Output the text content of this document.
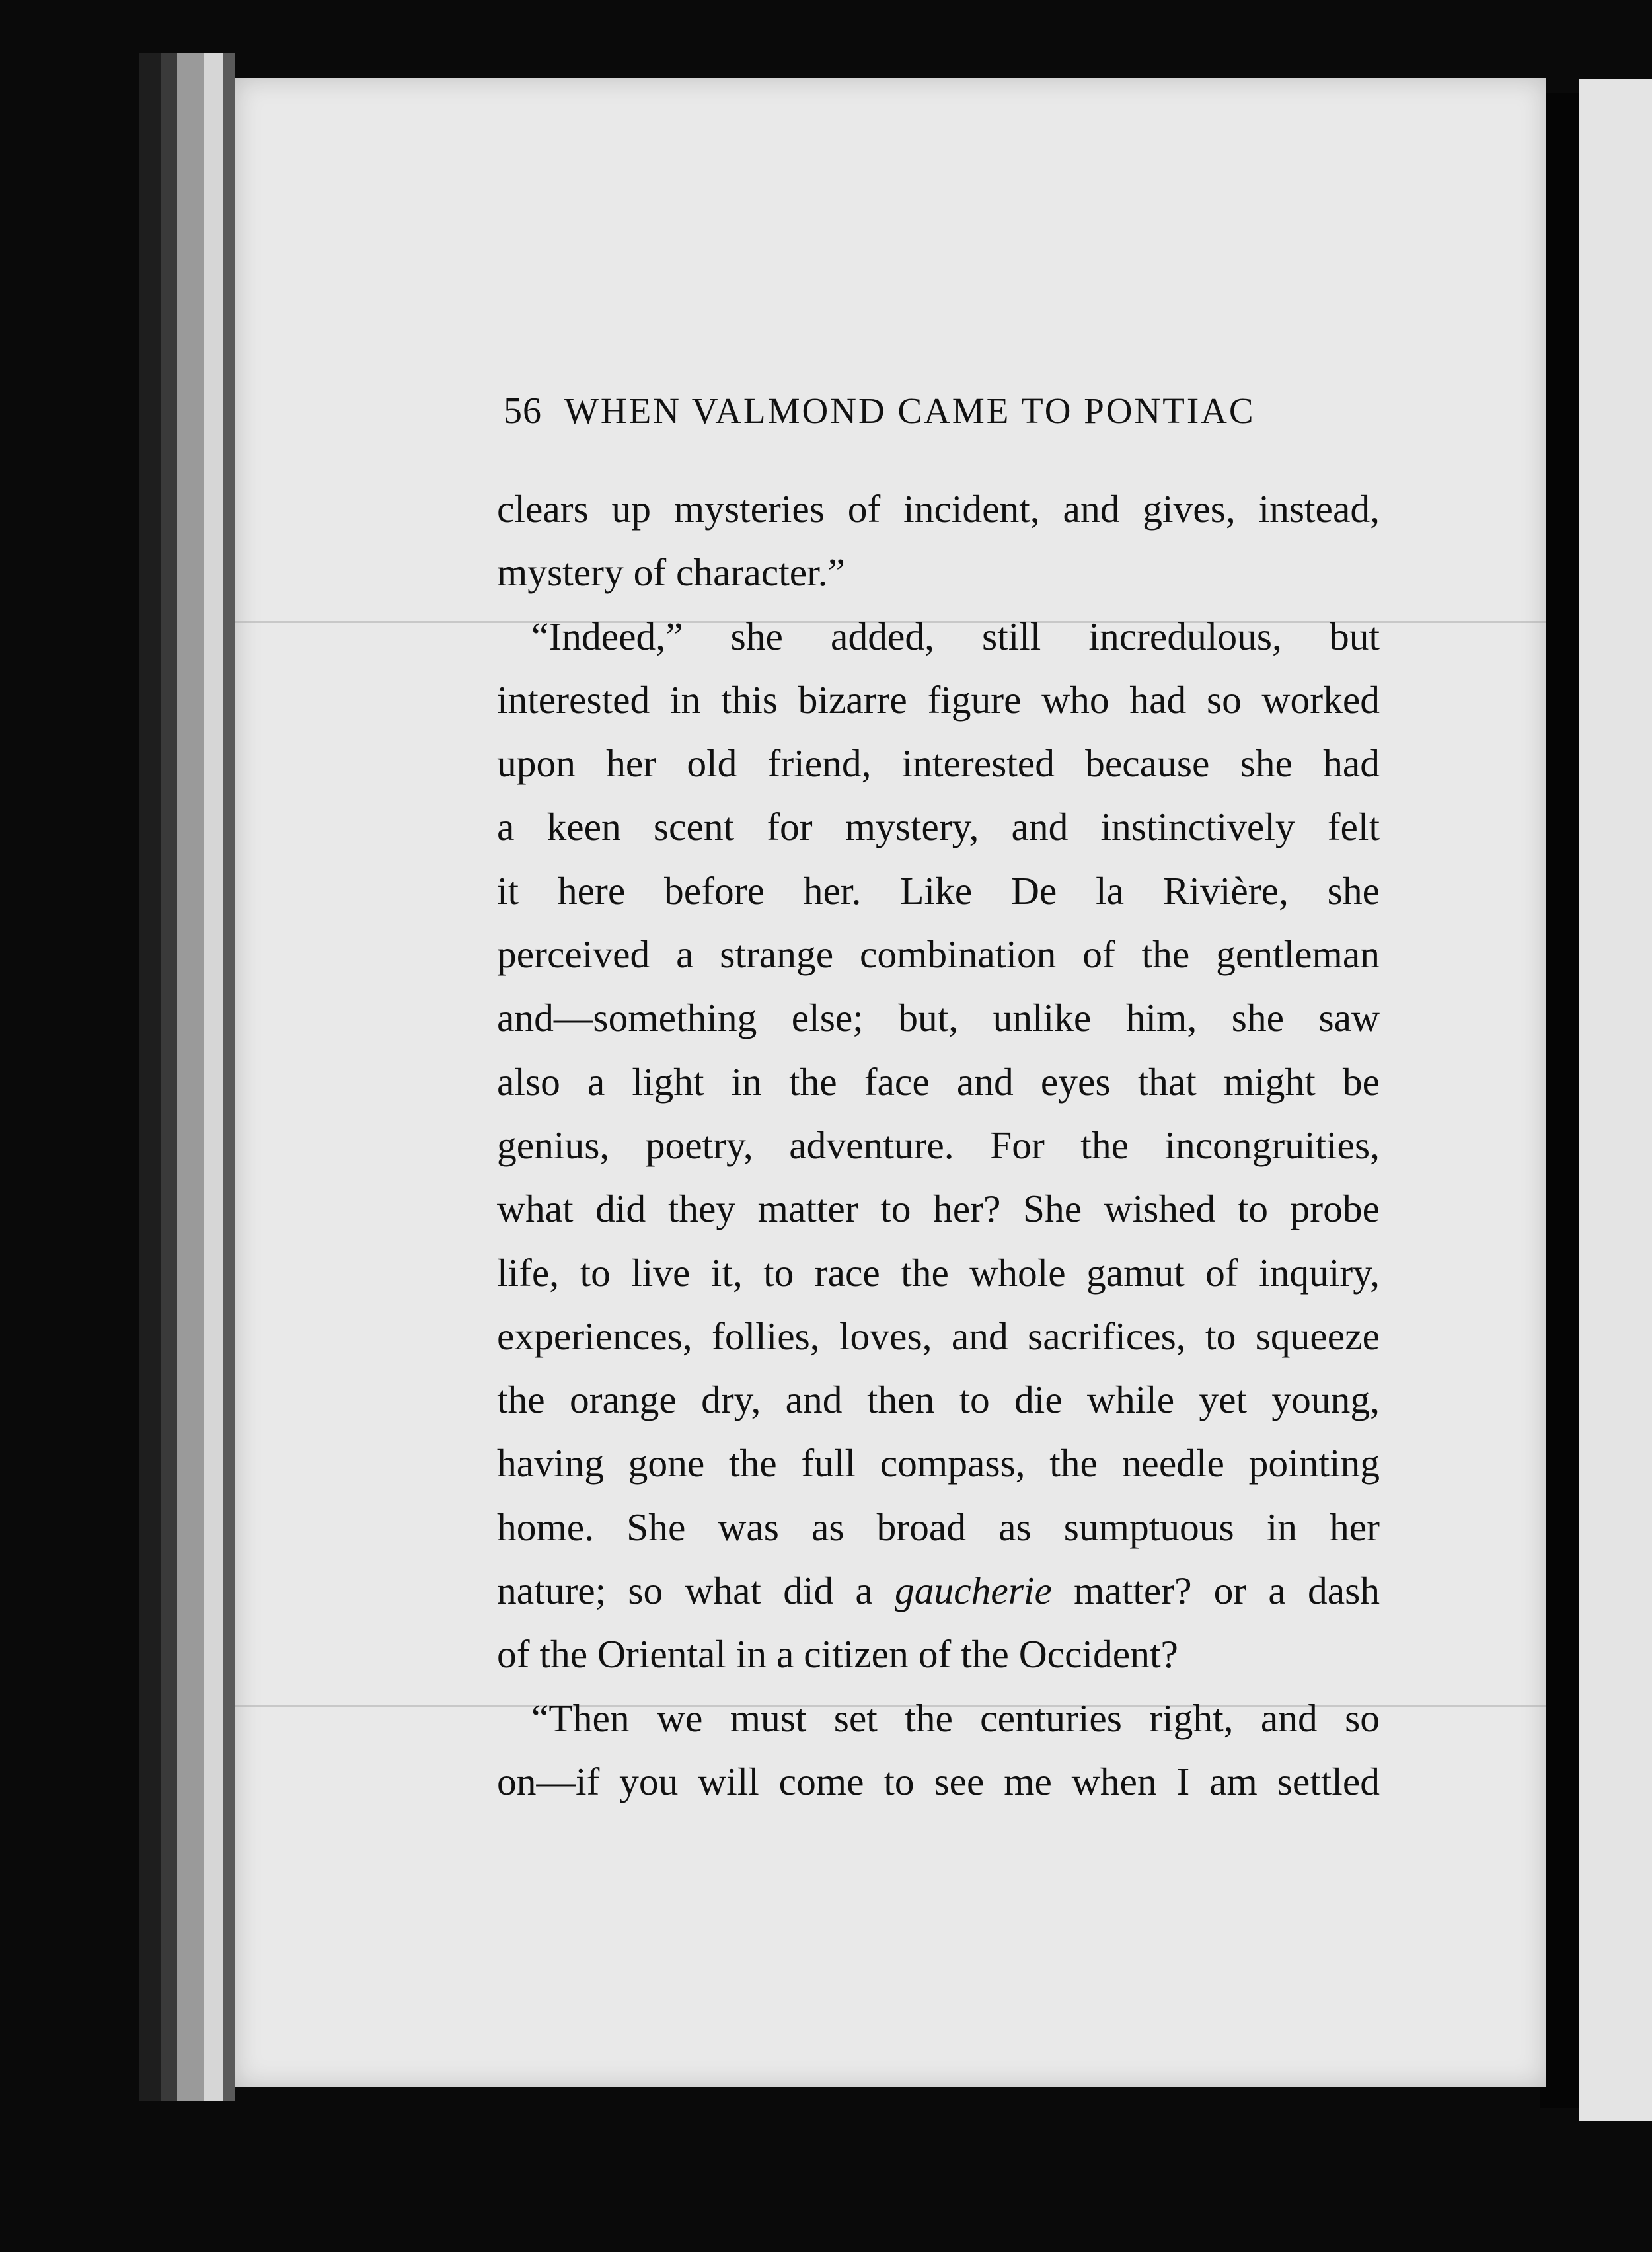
56 WHEN VALMOND CAME TO PONTIAC
clears up mysteries of incident, and gives, instead,
mystery of character.”
“Indeed,” she added, still incredulous, but
interested in this bizarre figure who had so worked
upon her old friend, interested because she had
a keen scent for mystery, and instinctively felt
it here before her. Like De la Rivière, she
perceived a strange combination of the gentleman
and—something else; but, unlike him, she saw
also a light in the face and eyes that might be
genius, poetry, adventure. For the incongruities,
what did they matter to her? She wished to probe
life, to live it, to race the whole gamut of inquiry,
experiences, follies, loves, and sacrifices, to squeeze
the orange dry, and then to die while yet young,
having gone the full compass, the needle pointing
home. She was as broad as sumptuous in her
nature; so what did a gaucherie matter? or a dash
of the Oriental in a citizen of the Occident?
“Then we must set the centuries right, and so
on—if you will come to see me when I am settled
